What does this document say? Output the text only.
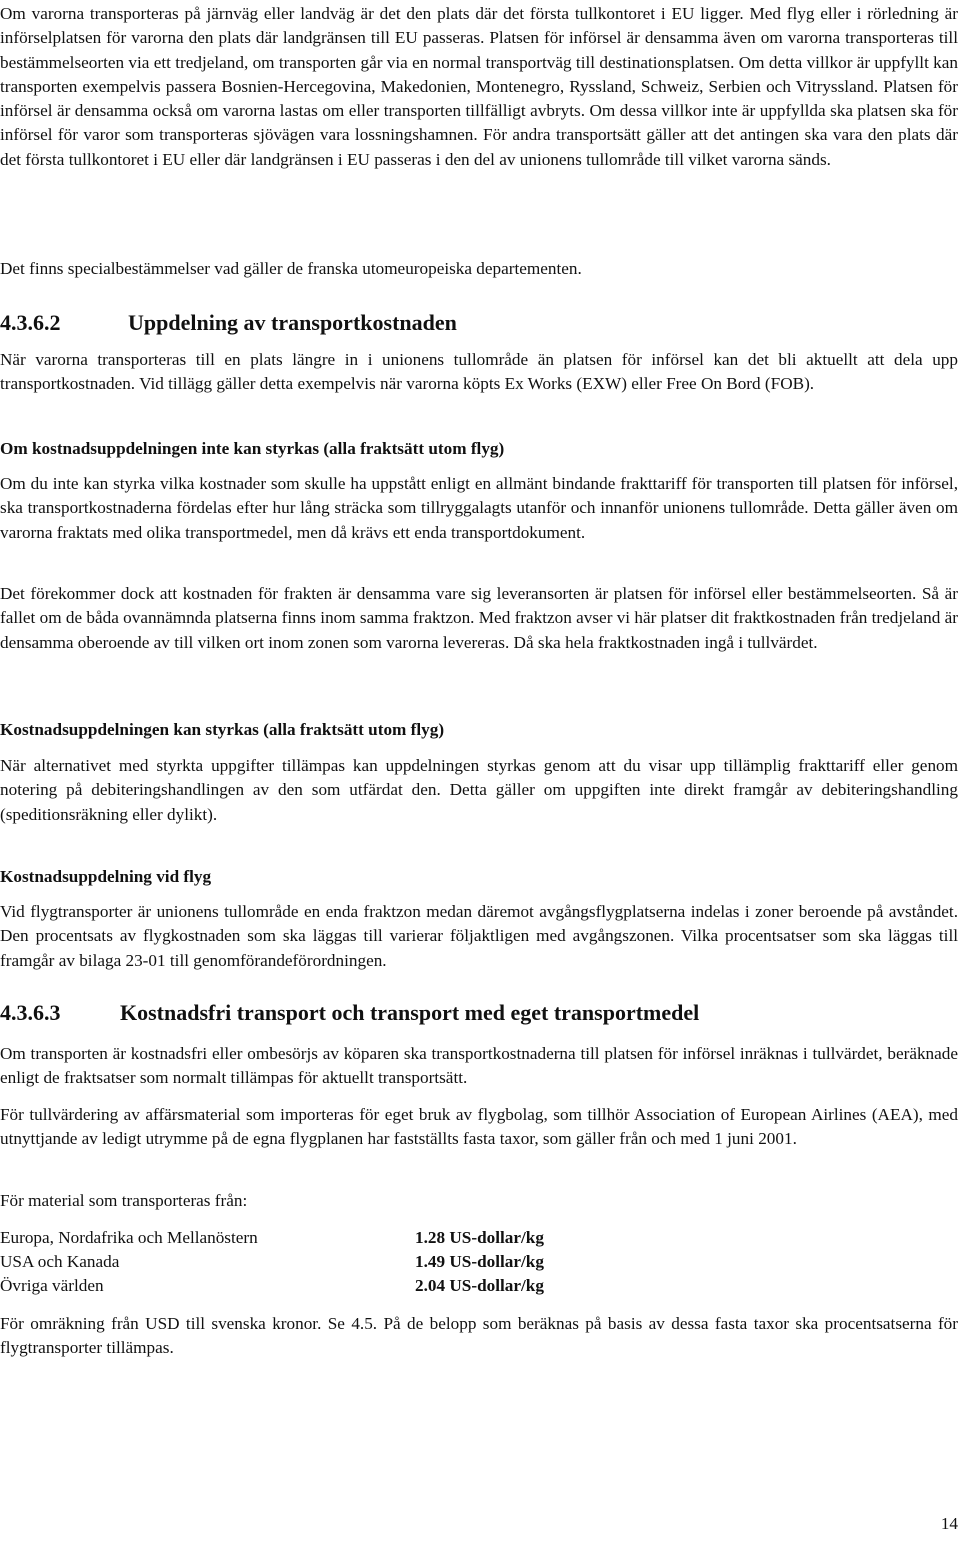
Om varorna transporteras på järnväg eller landväg är det den plats där det första tullkontoret i EU ligger. Med flyg eller i rörledning är införselplatsen för varorna den plats där landgränsen till EU passeras. Platsen för införsel är densamma även om varorna transporteras till bestämmelseorten via ett tredjeland, om transporten går via en normal transportväg till destinationsplatsen. Om detta villkor är uppfyllt kan transporten exempelvis passera Bosnien-Hercegovina, Makedonien, Montenegro, Ryssland, Schweiz, Serbien och Vitryssland. Platsen för införsel är densamma också om varorna lastas om eller transporten tillfälligt avbryts. Om dessa villkor inte är uppfyllda ska platsen ska för införsel för varor som transporteras sjövägen vara lossningshamnen. För andra transportsätt gäller att det antingen ska vara den plats där det första tullkontoret i EU eller där landgränsen i EU passeras i den del av unionens tullområde till vilket varorna sänds.

Det finns specialbestämmelser vad gäller de franska utomeuropeiska departementen.

4.3.6.2	Uppdelning av transportkostnaden

När varorna transporteras till en plats längre in i unionens tullområde än platsen för införsel kan det bli aktuellt att dela upp transportkostnaden. Vid tillägg gäller detta exempelvis när varorna köpts Ex Works (EXW) eller Free On Bord (FOB).

Om kostnadsuppdelningen inte kan styrkas (alla fraktsätt utom flyg)

Om du inte kan styrka vilka kostnader som skulle ha uppstått enligt en allmänt bindande frakttariff för transporten till platsen för införsel, ska transportkostnaderna fördelas efter hur lång sträcka som tillryggalagts utanför och innanför unionens tullområde. Detta gäller även om varorna fraktats med olika transportmedel, men då krävs ett enda transportdokument.

Det förekommer dock att kostnaden för frakten är densamma vare sig leveransorten är platsen för införsel eller bestämmelseorten. Så är fallet om de båda ovannämnda platserna finns inom samma fraktzon. Med fraktzon avser vi här platser dit fraktkostnaden från tredjeland är densamma oberoende av till vilken ort inom zonen som varorna levereras. Då ska hela fraktkostnaden ingå i tullvärdet.

Kostnadsuppdelningen kan styrkas (alla fraktsätt utom flyg)

När alternativet med styrkta uppgifter tillämpas kan uppdelningen styrkas genom att du visar upp tillämplig frakttariff eller genom notering på debiteringshandlingen av den som utfärdat den. Detta gäller om uppgiften inte direkt framgår av debiteringshandling (speditionsräkning eller dylikt).

Kostnadsuppdelning vid flyg

Vid flygtransporter är unionens tullområde en enda fraktzon medan däremot avgångsflygplatserna indelas i zoner beroende på avståndet. Den procentsats av flygkostnaden som ska läggas till varierar följaktligen med avgångszonen. Vilka procentsatser som ska läggas till framgår av bilaga 23-01 till genomförandeförordningen.

4.3.6.3	Kostnadsfri transport och transport med eget transportmedel

Om transporten är kostnadsfri eller ombesörjs av köparen ska transportkostnaderna till platsen för införsel inräknas i tullvärdet, beräknade enligt de fraktsatser som normalt tillämpas för aktuellt transportsätt.

För tullvärdering av affärsmaterial som importeras för eget bruk av flygbolag, som tillhör Association of European Airlines (AEA), med utnyttjande av ledigt utrymme på de egna flygplanen har fastställts fasta taxor, som gäller från och med 1 juni 2001.

För material som transporteras från:

Europa, Nordafrika och Mellanöstern	1.28 US-dollar/kg
USA och Kanada	1.49 US-dollar/kg
Övriga världen	2.04 US-dollar/kg

För omräkning från USD till svenska kronor. Se 4.5. På de belopp som beräknas på basis av dessa fasta taxor ska procentsatserna för flygtransporter tillämpas.

14
